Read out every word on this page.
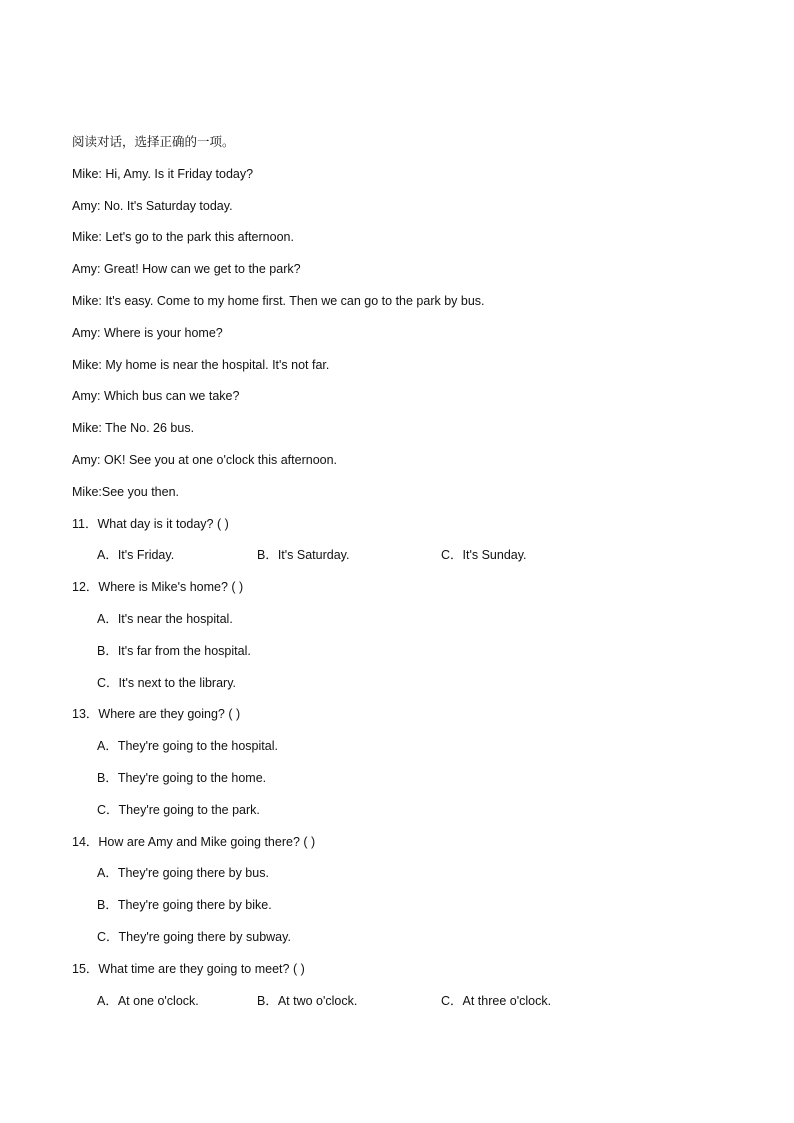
阅读对话，选择正确的一项。
Mike: Hi, Amy. Is it Friday today?
Amy: No. It's Saturday today.
Mike: Let's go to the park this afternoon.
Amy: Great! How can we get to the park?
Mike: It's easy. Come to my home first. Then we can go to the park by bus.
Amy: Where is your home?
Mike: My home is near the hospital. It's not far.
Amy: Which bus can we take?
Mike: The No. 26 bus.
Amy: OK! See you at one o'clock this afternoon.
Mike:See you then.
11．What day is it today? ( )
A．It's Friday.	B．It's Saturday.	C．It's Sunday.
12．Where is Mike's home? ( )
A．It's near the hospital.
B．It's far from the hospital.
C．It's next to the library.
13．Where are they going? ( )
A．They're going to the hospital.
B．They're going to the home.
C．They're going to the park.
14．How are Amy and Mike going there? ( )
A．They're going there by bus.
B．They're going there by bike.
C．They're going there by subway.
15．What time are they going to meet? ( )
A．At one o'clock.	B．At two o'clock.	C．At three o'clock.
